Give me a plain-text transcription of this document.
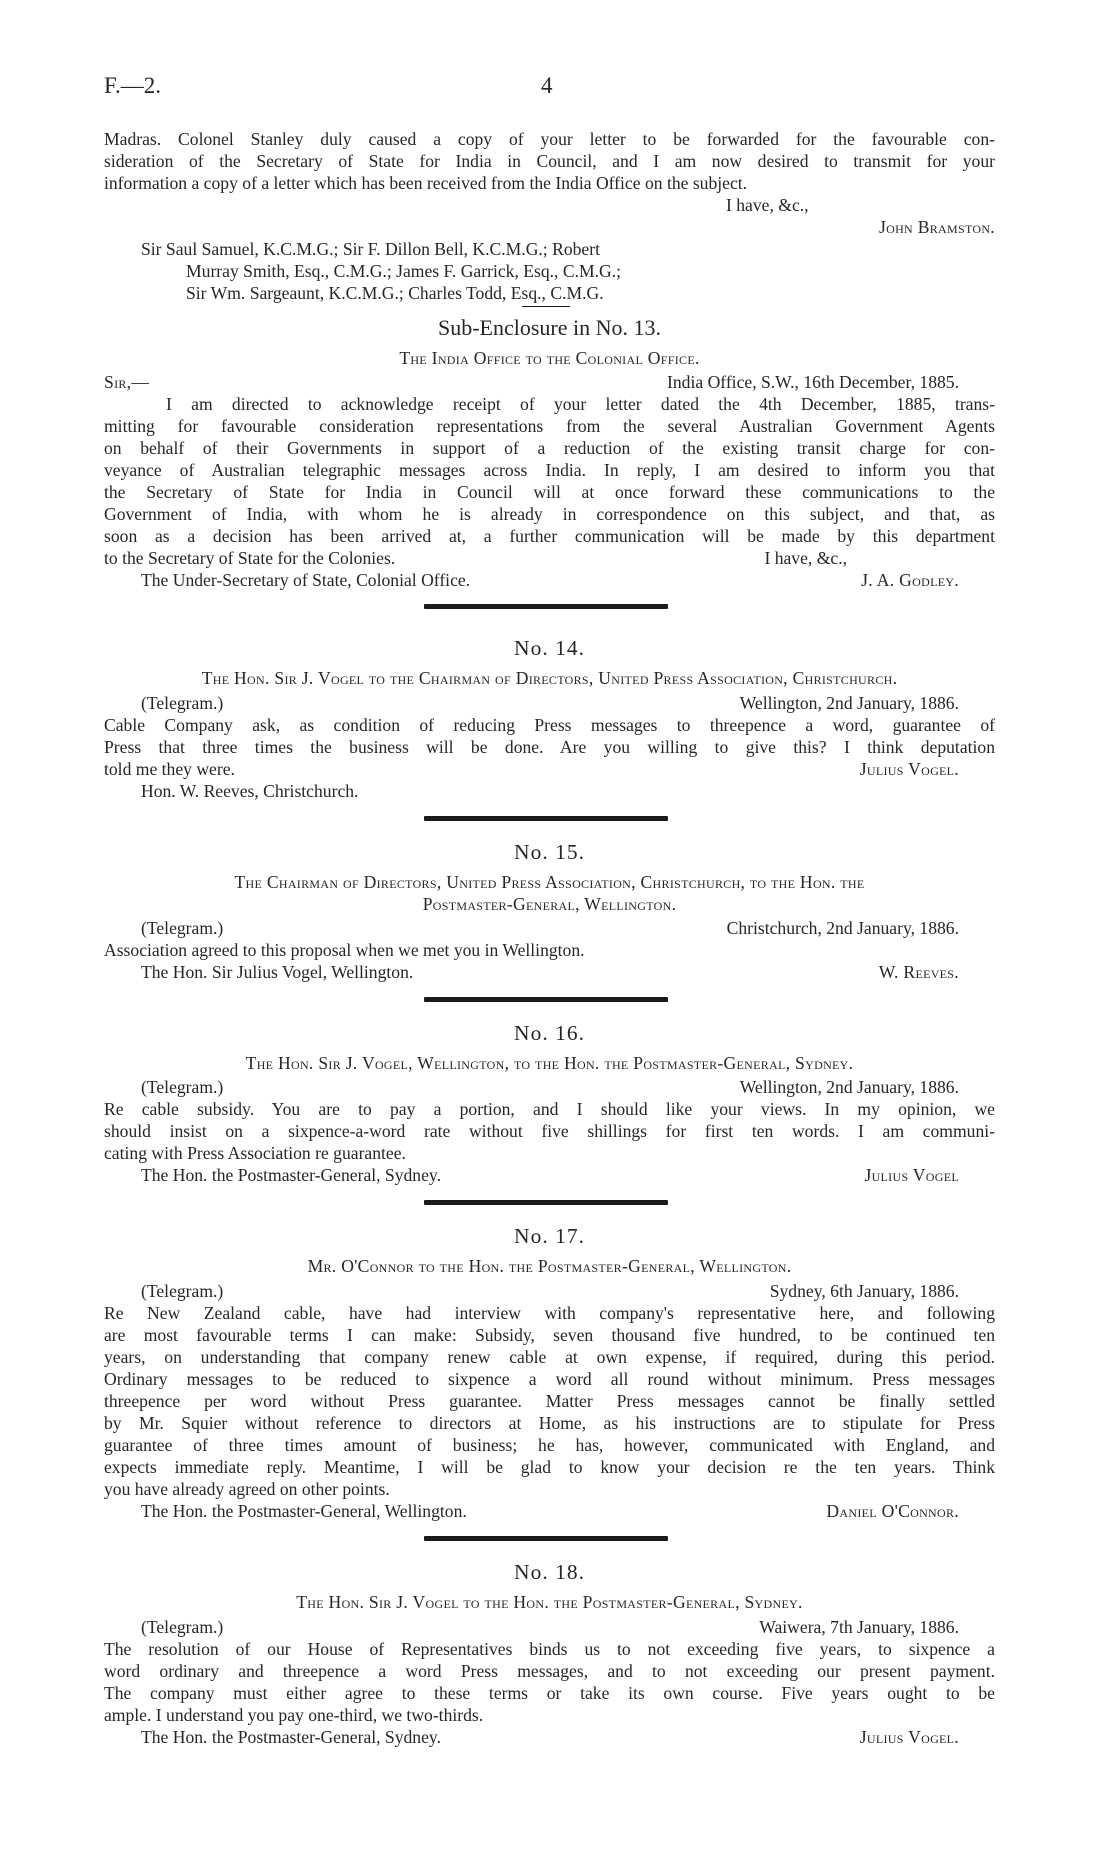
F.—2.	4

Madras. Colonel Stanley duly caused a copy of your letter to be forwarded for the favourable con-

sideration of the Secretary of State for India in Council, and I am now desired to transmit for your

information a copy of a letter which has been received from the India Office on the subject.

I have, &c.,

John Bramston.

Sir Saul Samuel, K.C.M.G.; Sir F. Dillon Bell, K.C.M.G.; Robert

Murray Smith, Esq., C.M.G.; James F. Garrick, Esq., C.M.G.;

Sir Wm. Sargeaunt, K.C.M.G.; Charles Todd, Esq., C.M.G.

Sub-Enclosure in No. 13.

The India Office to the Colonial Office.

Sir,—	India Office, S.W., 16th December, 1885.

I am directed to acknowledge receipt of your letter dated the 4th December, 1885, trans-

mitting for favourable consideration representations from the several Australian Government Agents

on behalf of their Governments in support of a reduction of the existing transit charge for con-

veyance of Australian telegraphic messages across India. In reply, I am desired to inform you that

the Secretary of State for India in Council will at once forward these communications to the

Government of India, with whom he is already in correspondence on this subject, and that, as

soon as a decision has been arrived at, a further communication will be made by this department

to the Secretary of State for the Colonies.	I have, &c.,
The Under-Secretary of State, Colonial Office.	J. A. Godley.
No. 14.

The Hon. Sir J. Vogel to the Chairman of Directors, United Press Association, Christchurch.

(Telegram.)	Wellington, 2nd January, 1886.

Cable Company ask, as condition of reducing Press messages to threepence a word, guarantee of

Press that three times the business will be done. Are you willing to give this? I think deputation

told me they were.	Julius Vogel.

Hon. W. Reeves, Christchurch.

No. 15.

The Chairman of Directors, United Press Association, Christchurch, to the Hon. the

Postmaster-General, Wellington.

(Telegram.)	Christchurch, 2nd January, 1886.

Association agreed to this proposal when we met you in Wellington.

The Hon. Sir Julius Vogel, Wellington.	W. Reeves.
No. 16.

The Hon. Sir J. Vogel, Wellington, to the Hon. the Postmaster-General, Sydney.

(Telegram.)	Wellington, 2nd January, 1886.

Re cable subsidy. You are to pay a portion, and I should like your views. In my opinion, we

should insist on a sixpence-a-word rate without five shillings for first ten words. I am communi-

cating with Press Association re guarantee.

The Hon. the Postmaster-General, Sydney.	Julius Vogel
No. 17.

Mr. O'Connor to the Hon. the Postmaster-General, Wellington.

(Telegram.)	Sydney, 6th January, 1886.

Re New Zealand cable, have had interview with company's representative here, and following

are most favourable terms I can make: Subsidy, seven thousand five hundred, to be continued ten

years, on understanding that company renew cable at own expense, if required, during this period.

Ordinary messages to be reduced to sixpence a word all round without minimum. Press messages

threepence per word without Press guarantee. Matter Press messages cannot be finally settled

by Mr. Squier without reference to directors at Home, as his instructions are to stipulate for Press

guarantee of three times amount of business; he has, however, communicated with England, and

expects immediate reply. Meantime, I will be glad to know your decision re the ten years. Think

you have already agreed on other points.

The Hon. the Postmaster-General, Wellington.	Daniel O'Connor.
No. 18.

The Hon. Sir J. Vogel to the Hon. the Postmaster-General, Sydney.

(Telegram.)	Waiwera, 7th January, 1886.

The resolution of our House of Representatives binds us to not exceeding five years, to sixpence a

word ordinary and threepence a word Press messages, and to not exceeding our present payment.

The company must either agree to these terms or take its own course. Five years ought to be

ample. I understand you pay one-third, we two-thirds.

The Hon. the Postmaster-General, Sydney.	Julius Vogel.
